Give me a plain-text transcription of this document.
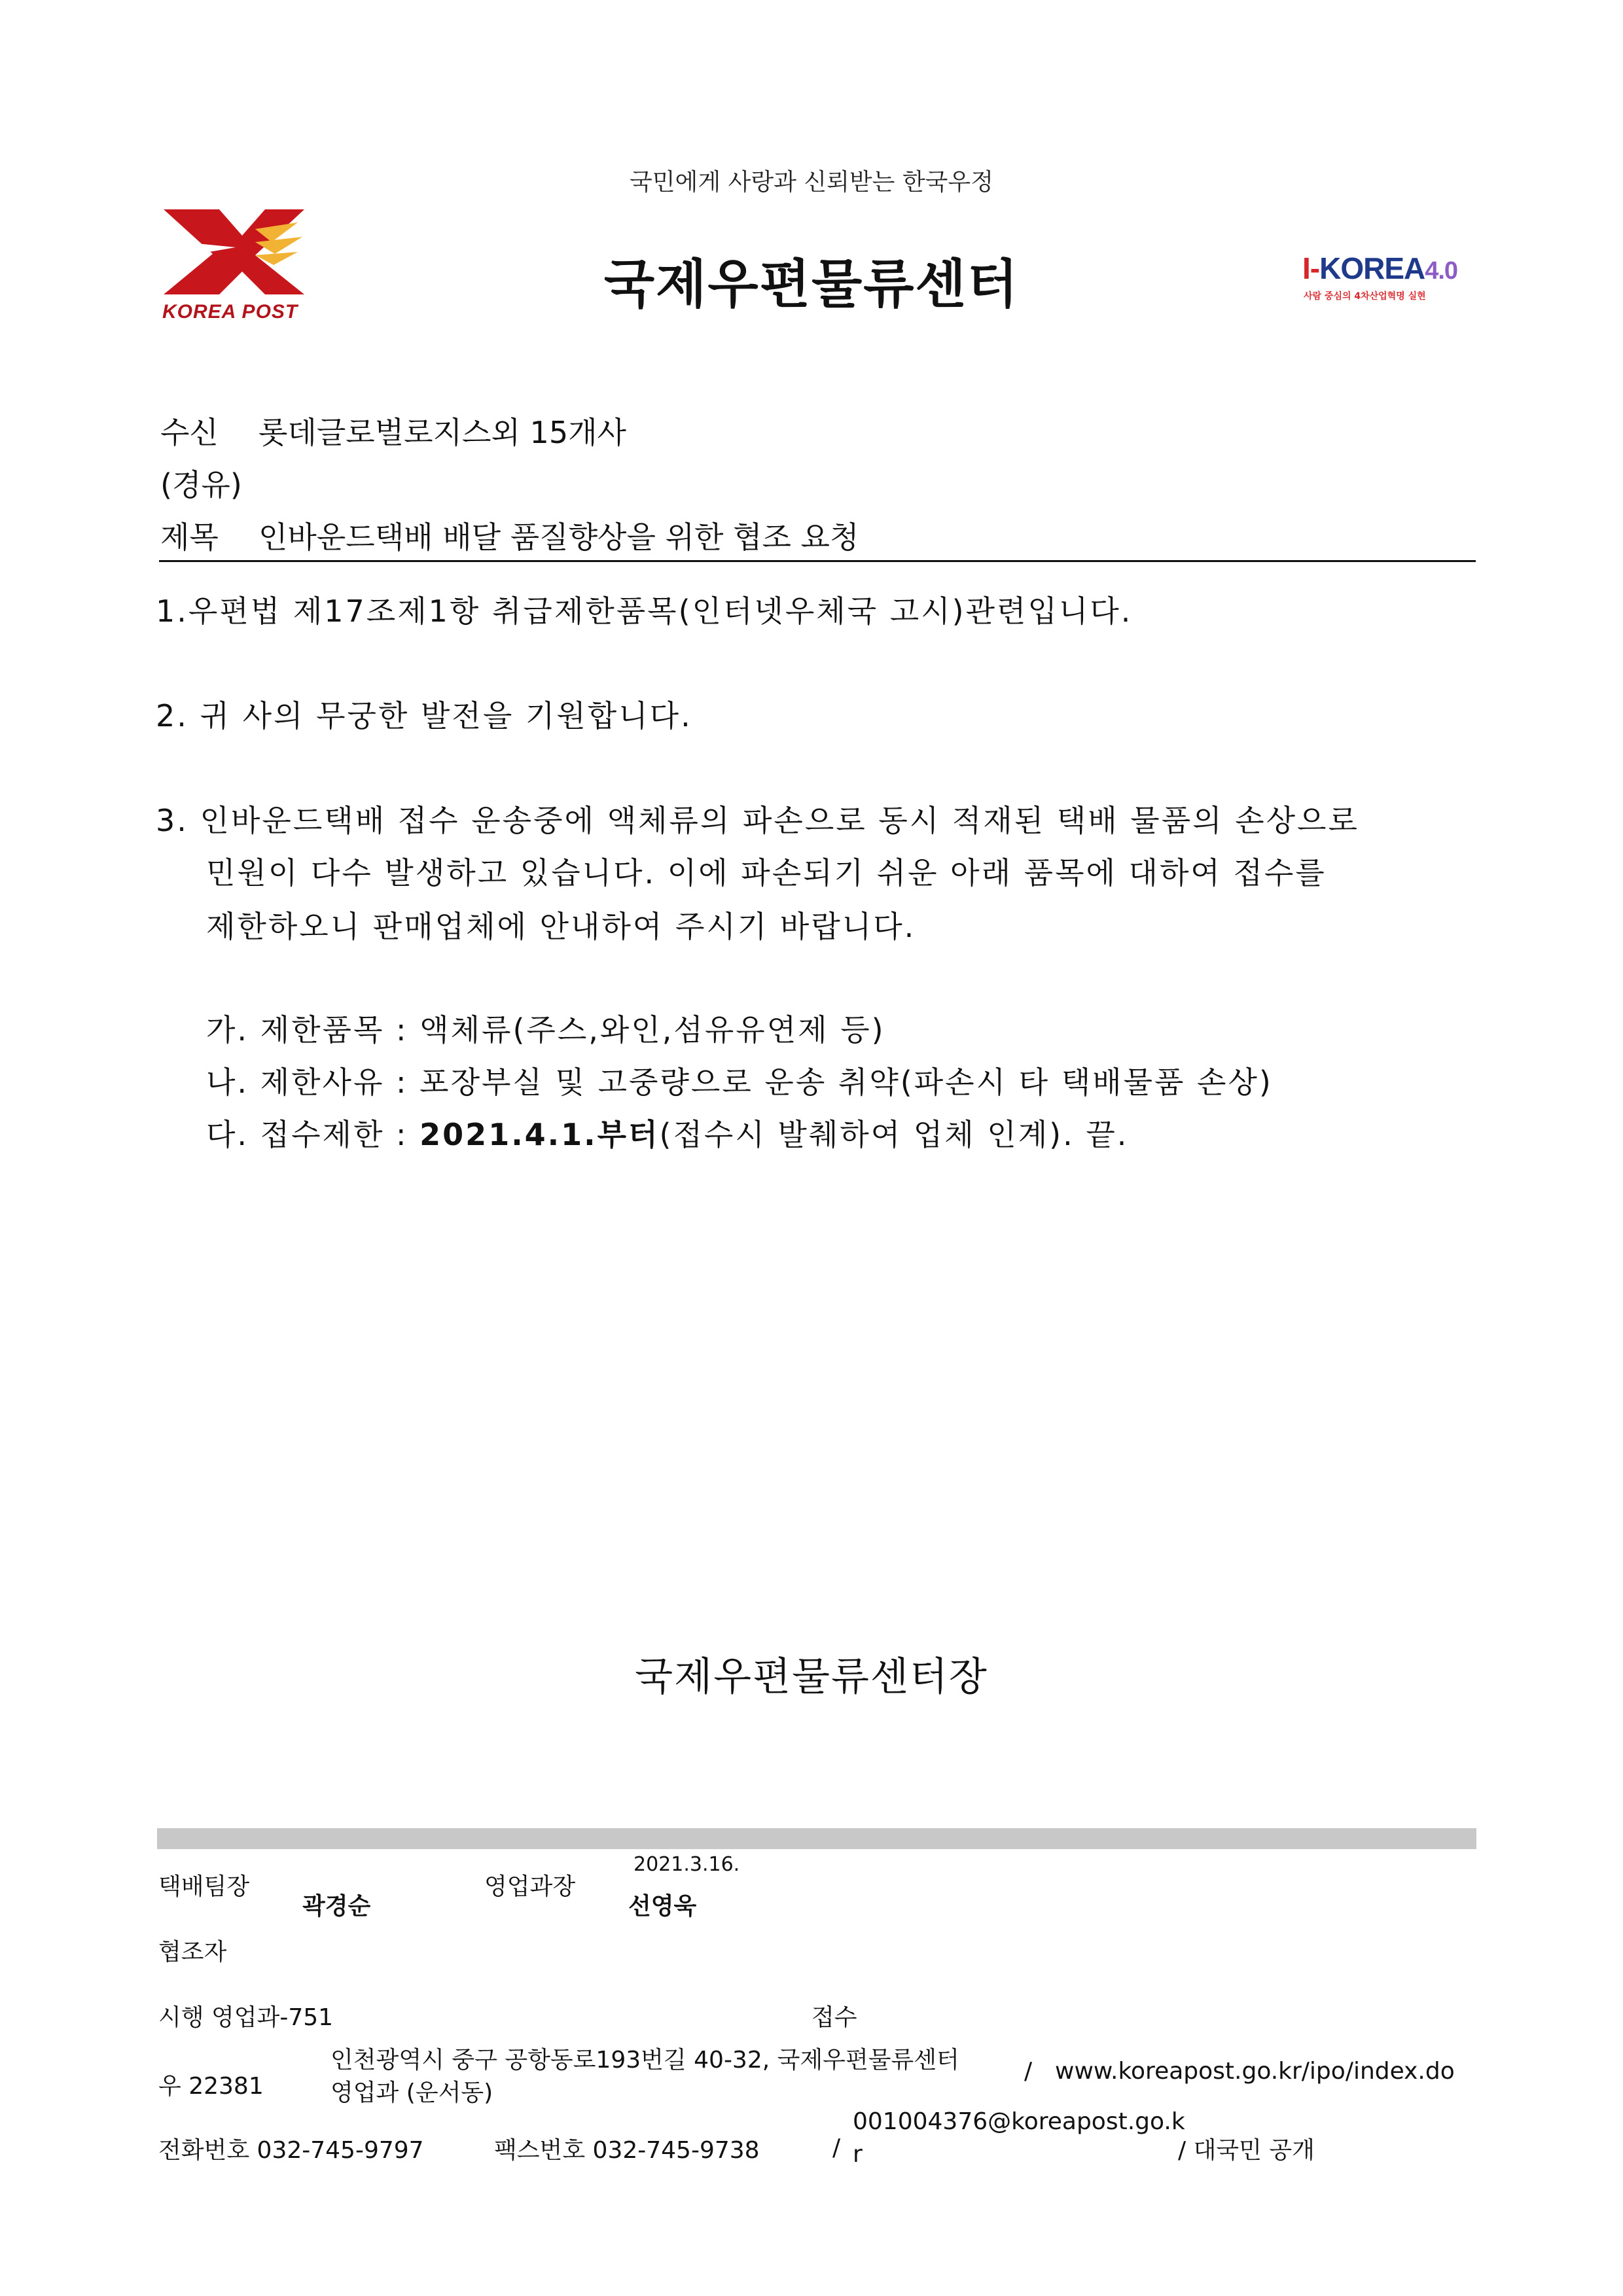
국민에게 사랑과 신뢰받는 한국우정
KOREA POST	국제우편물류센터	I-KOREA4.0
사람 중심의 4차산업혁명 실현
수신 롯데글로벌로지스외 15개사
(경유)
제목 인바운드택배 배달 품질향상을 위한 협조 요청
1.우편법 제17조제1항 취급제한품목(인터넷우체국 고시)관련입니다.
2. 귀 사의 무궁한 발전을 기원합니다.
3. 인바운드택배 접수 운송중에 액체류의 파손으로 동시 적재된 택배 물품의 손상으로
민원이 다수 발생하고 있습니다. 이에 파손되기 쉬운 아래 품목에 대하여 접수를
제한하오니 판매업체에 안내하여 주시기 바랍니다.
가. 제한품목 : 액체류(주스,와인,섬유유연제 등)
나. 제한사유 : 포장부실 및 고중량으로 운송 취약(파손시 타 택배물품 손상)
다. 접수제한 : 2021.4.1.부터(접수시 발췌하여 업체 인계). 끝.
국제우편물류센터장
택배팀장
곽경순
영업과장
2021.3.16.
선영욱
협조자
시행 영업과-751	접수
우 22381
인천광역시 중구 공항동로193번길 40-32, 국제우편물류센터
영업과 (운서동)
/ www.koreapost.go.kr/ipo/index.do
전화번호 032-745-9797	팩스번호 032-745-9738	/
001004376@koreapost.go.k
r	/ 대국민 공개
